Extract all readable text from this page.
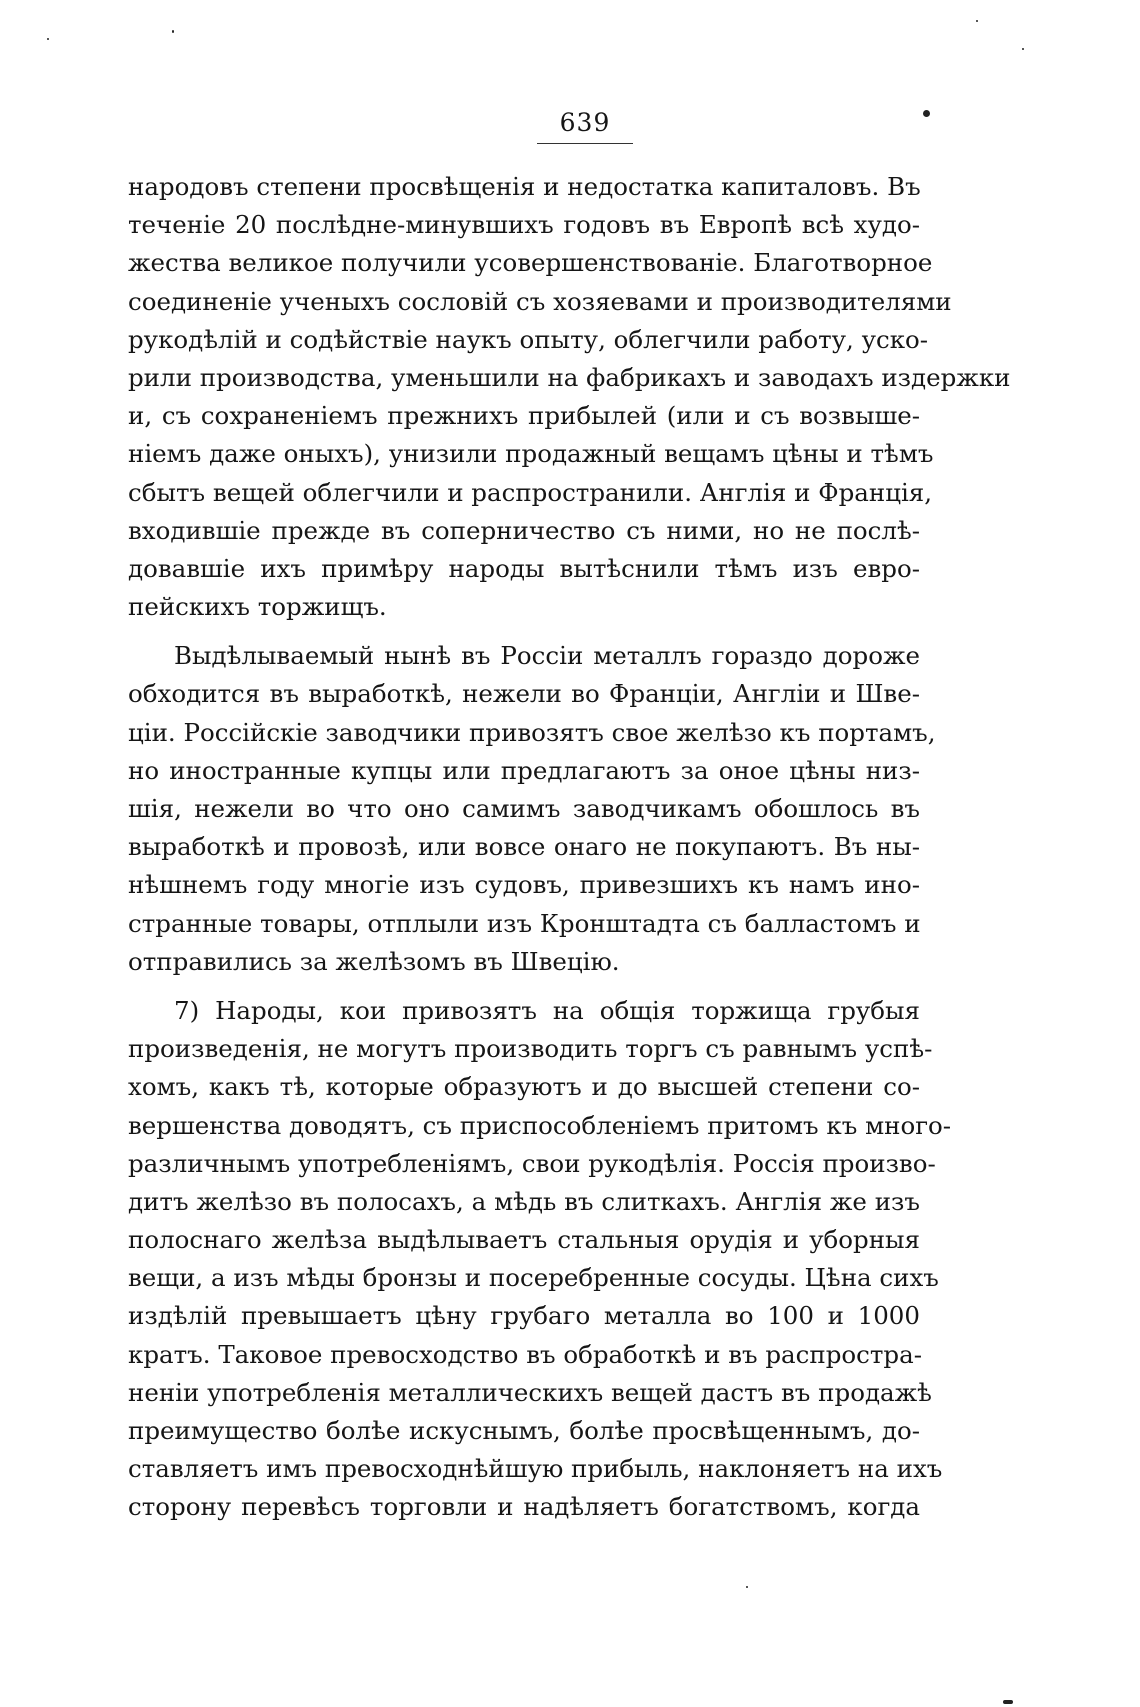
639
народовъ степени просвѣщенія и недостатка капиталовъ. Въ
теченіе 20 послѣдне-минувшихъ годовъ въ Европѣ всѣ худо-
жества великое получили усовершенствованіе. Благотворное
соединеніе ученыхъ сословій съ хозяевами и производителями
рукодѣлій и содѣйствіе наукъ опыту, облегчили работу, уско-
рили производства, уменьшили на фабрикахъ и заводахъ издержки
и, съ сохраненіемъ прежнихъ прибылей (или и съ возвыше-
ніемъ даже оныхъ), унизили продажный вещамъ цѣны и тѣмъ
сбытъ вещей облегчили и распространили. Англія и Франція,
входившіе прежде въ соперничество съ ними, но не послѣ-
довавшіе ихъ примѣру народы вытѣснили тѣмъ изъ евро-
пейскихъ торжищъ.
Выдѣлываемый нынѣ въ Россіи металлъ гораздо дороже
обходится въ выработкѣ, нежели во Франціи, Англіи и Шве-
ціи. Россійскіе заводчики привозятъ свое желѣзо къ портамъ,
но иностранные купцы или предлагаютъ за оное цѣны низ-
шія, нежели во что оно самимъ заводчикамъ обошлось въ
выработкѣ и провозѣ, или вовсе онаго не покупаютъ. Въ ны-
нѣшнемъ году многіе изъ судовъ, привезшихъ къ намъ ино-
странные товары, отплыли изъ Кронштадта съ балластомъ и
отправились за желѣзомъ въ Швецію.
7) Народы, кои привозятъ на общія торжища грубыя
произведенія, не могутъ производить торгъ съ равнымъ успѣ-
хомъ, какъ тѣ, которые образуютъ и до высшей степени со-
вершенства доводятъ, съ приспособленіемъ притомъ къ много-
различнымъ употребленіямъ, свои рукодѣлія. Россія произво-
дитъ желѣзо въ полосахъ, а мѣдь въ слиткахъ. Англія же изъ
полоснаго желѣза выдѣлываетъ стальныя орудія и уборныя
вещи, а изъ мѣды бронзы и посеребренные сосуды. Цѣна сихъ
издѣлій превышаетъ цѣну грубаго металла во 100 и 1000
кратъ. Таковое превосходство въ обработкѣ и въ распростра-
неніи употребленія металлическихъ вещей дастъ въ продажѣ
преимущество болѣе искуснымъ, болѣе просвѣщеннымъ, до-
ставляетъ имъ превосходнѣйшую прибыль, наклоняетъ на ихъ
сторону перевѣсъ торговли и надѣляетъ богатствомъ, когда
